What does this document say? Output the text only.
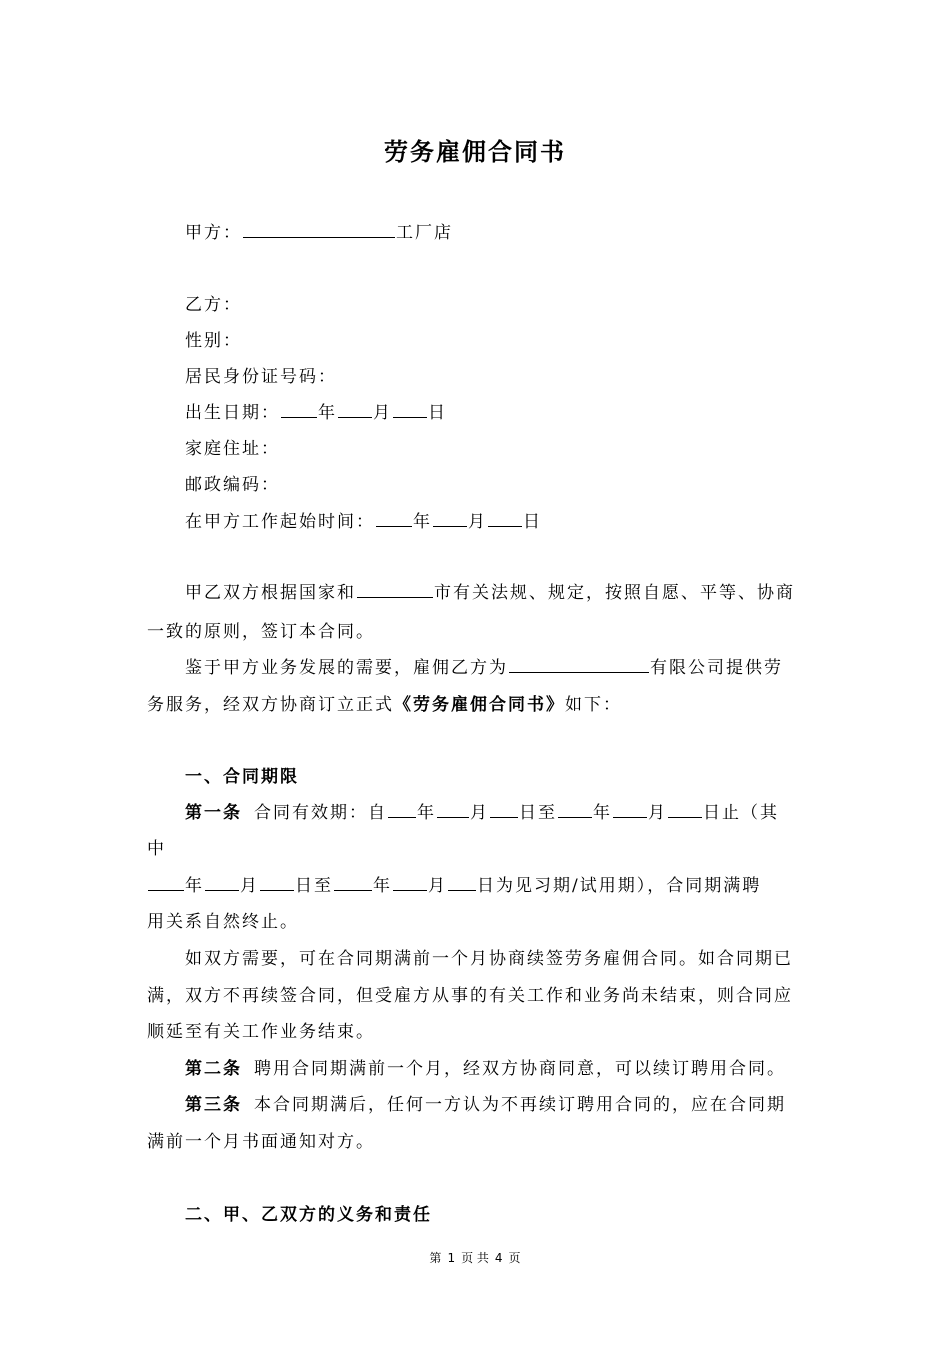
劳务雇佣合同书
甲方：	工厂店
乙方：
性别：
居民身份证号码：
出生日期： 年 月 日
家庭住址：
邮政编码：
在甲方工作起始时间： 年 月 日
甲乙双方根据国家和	市有关法规、规定，按照自愿、平等、协商
一致的原则，签订本合同。
鉴于甲方业务发展的需要，雇佣乙方为	有限公司提供劳
务服务，经双方协商订立正式《劳务雇佣合同书》如下：
一、合同期限
第一条 合同有效期：自 年 月 日至 年 月 日止（其
中
年 月 日至 年 月 日为见习期/试用期），合同期满聘
用关系自然终止。
如双方需要，可在合同期满前一个月协商续签劳务雇佣合同。如合同期已
满，双方不再续签合同，但受雇方从事的有关工作和业务尚未结束，则合同应
顺延至有关工作业务结束。
第二条 聘用合同期满前一个月，经双方协商同意，可以续订聘用合同。
第三条 本合同期满后，任何一方认为不再续订聘用合同的，应在合同期
满前一个月书面通知对方。
二、甲、乙双方的义务和责任
第 1 页 共 4 页
